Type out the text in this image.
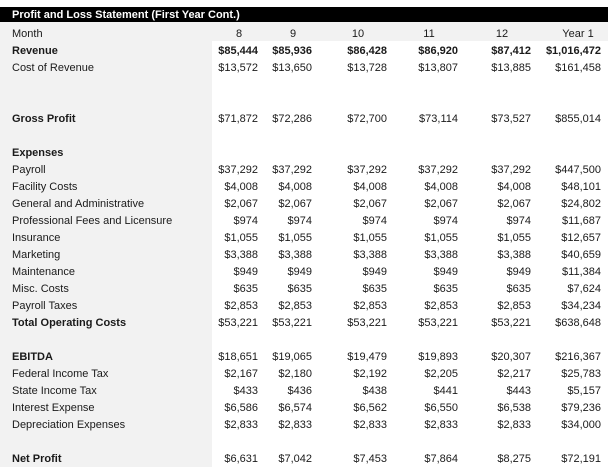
Profit and Loss Statement (First Year Cont.)
Month	8	9	10	11	12	Year 1
Revenue	$85,444 $85,936	$86,428	$86,920	$87,412 $1,016,472
Cost of Revenue	$13,572 $13,650	$13,728	$13,807	$13,885 $161,458
Gross Profit	$71,872 $72,286	$72,700	$73,114	$73,527 $855,014
Expenses
Payroll	$37,292 $37,292	$37,292	$37,292	$37,292 $447,500
Facility Costs	$4,008 $4,008	$4,008	$4,008	$4,008	$48,101
General and Administrative	$2,067 $2,067	$2,067	$2,067	$2,067	$24,802
Professional Fees and Licensure	$974	$974	$974	$974	$974	$11,687
Insurance	$1,055 $1,055	$1,055	$1,055	$1,055	$12,657
Marketing	$3,388 $3,388	$3,388	$3,388	$3,388	$40,659
Maintenance	$949	$949	$949	$949	$949	$11,384
Misc. Costs	$635	$635	$635	$635	$635	$7,624
Payroll Taxes	$2,853 $2,853	$2,853	$2,853	$2,853	$34,234
Total Operating Costs	$53,221 $53,221	$53,221	$53,221	$53,221 $638,648
EBITDA	$18,651 $19,065	$19,479	$19,893	$20,307 $216,367
Federal Income Tax	$2,167 $2,180	$2,192	$2,205	$2,217	$25,783
State Income Tax	$433	$436	$438	$441	$443	$5,157
Interest Expense	$6,586 $6,574	$6,562	$6,550	$6,538	$79,236
Depreciation Expenses	$2,833 $2,833	$2,833	$2,833	$2,833	$34,000
Net Profit	$6,631 $7,042	$7,453	$7,864	$8,275	$72,191
